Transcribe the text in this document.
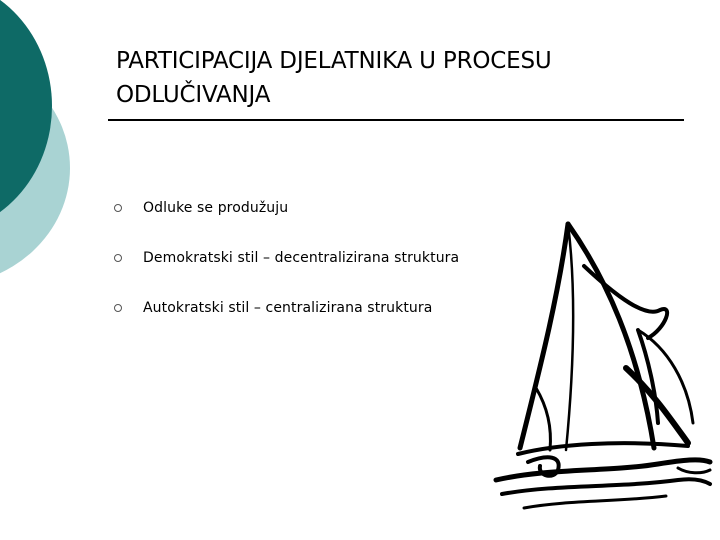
PARTICIPACIJA DJELATNIKA U PROCESU ODLUČIVANJA
Odluke se produžuju
Demokratski stil – decentralizirana struktura
Autokratski stil – centralizirana struktura
